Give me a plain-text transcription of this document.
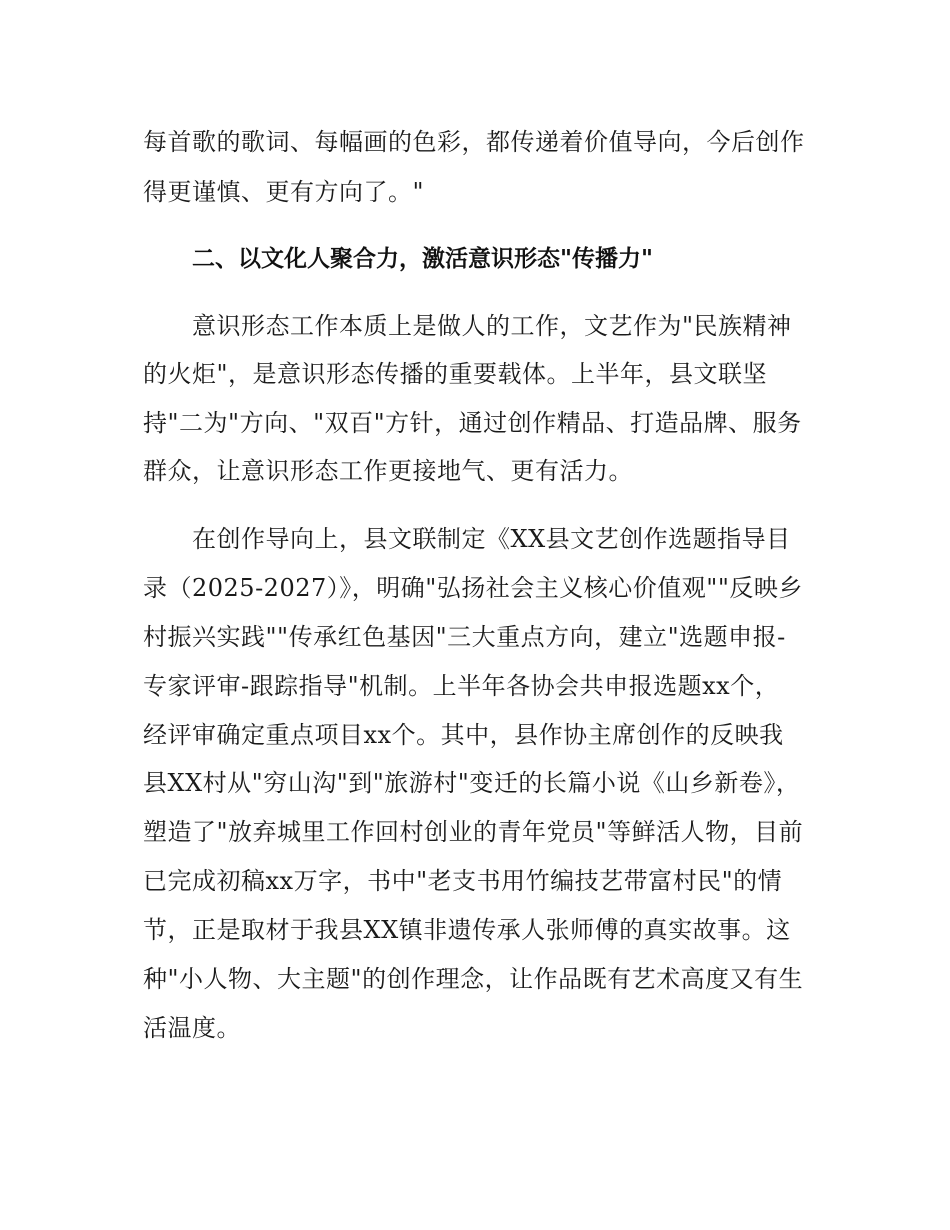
每首歌的歌词、每幅画的色彩，都传递着价值导向，今后创作

得更谨慎、更有方向了。"

二、以文化人聚合力，激活意识形态"传播力"

意识形态工作本质上是做人的工作，文艺作为"民族精神

的火炬"，是意识形态传播的重要载体。上半年，县文联坚

持"二为"方向、"双百"方针，通过创作精品、打造品牌、服务

群众，让意识形态工作更接地气、更有活力。

在创作导向上，县文联制定《XX县文艺创作选题指导目

录（2025-2027）》，明确"弘扬社会主义核心价值观""反映乡

村振兴实践""传承红色基因"三大重点方向，建立"选题申报-

专家评审-跟踪指导"机制。上半年各协会共申报选题xx个，

经评审确定重点项目xx个。其中，县作协主席创作的反映我

县XX村从"穷山沟"到"旅游村"变迁的长篇小说《山乡新卷》，

塑造了"放弃城里工作回村创业的青年党员"等鲜活人物，目前

已完成初稿xx万字，书中"老支书用竹编技艺带富村民"的情

节，正是取材于我县XX镇非遗传承人张师傅的真实故事。这

种"小人物、大主题"的创作理念，让作品既有艺术高度又有生

活温度。
